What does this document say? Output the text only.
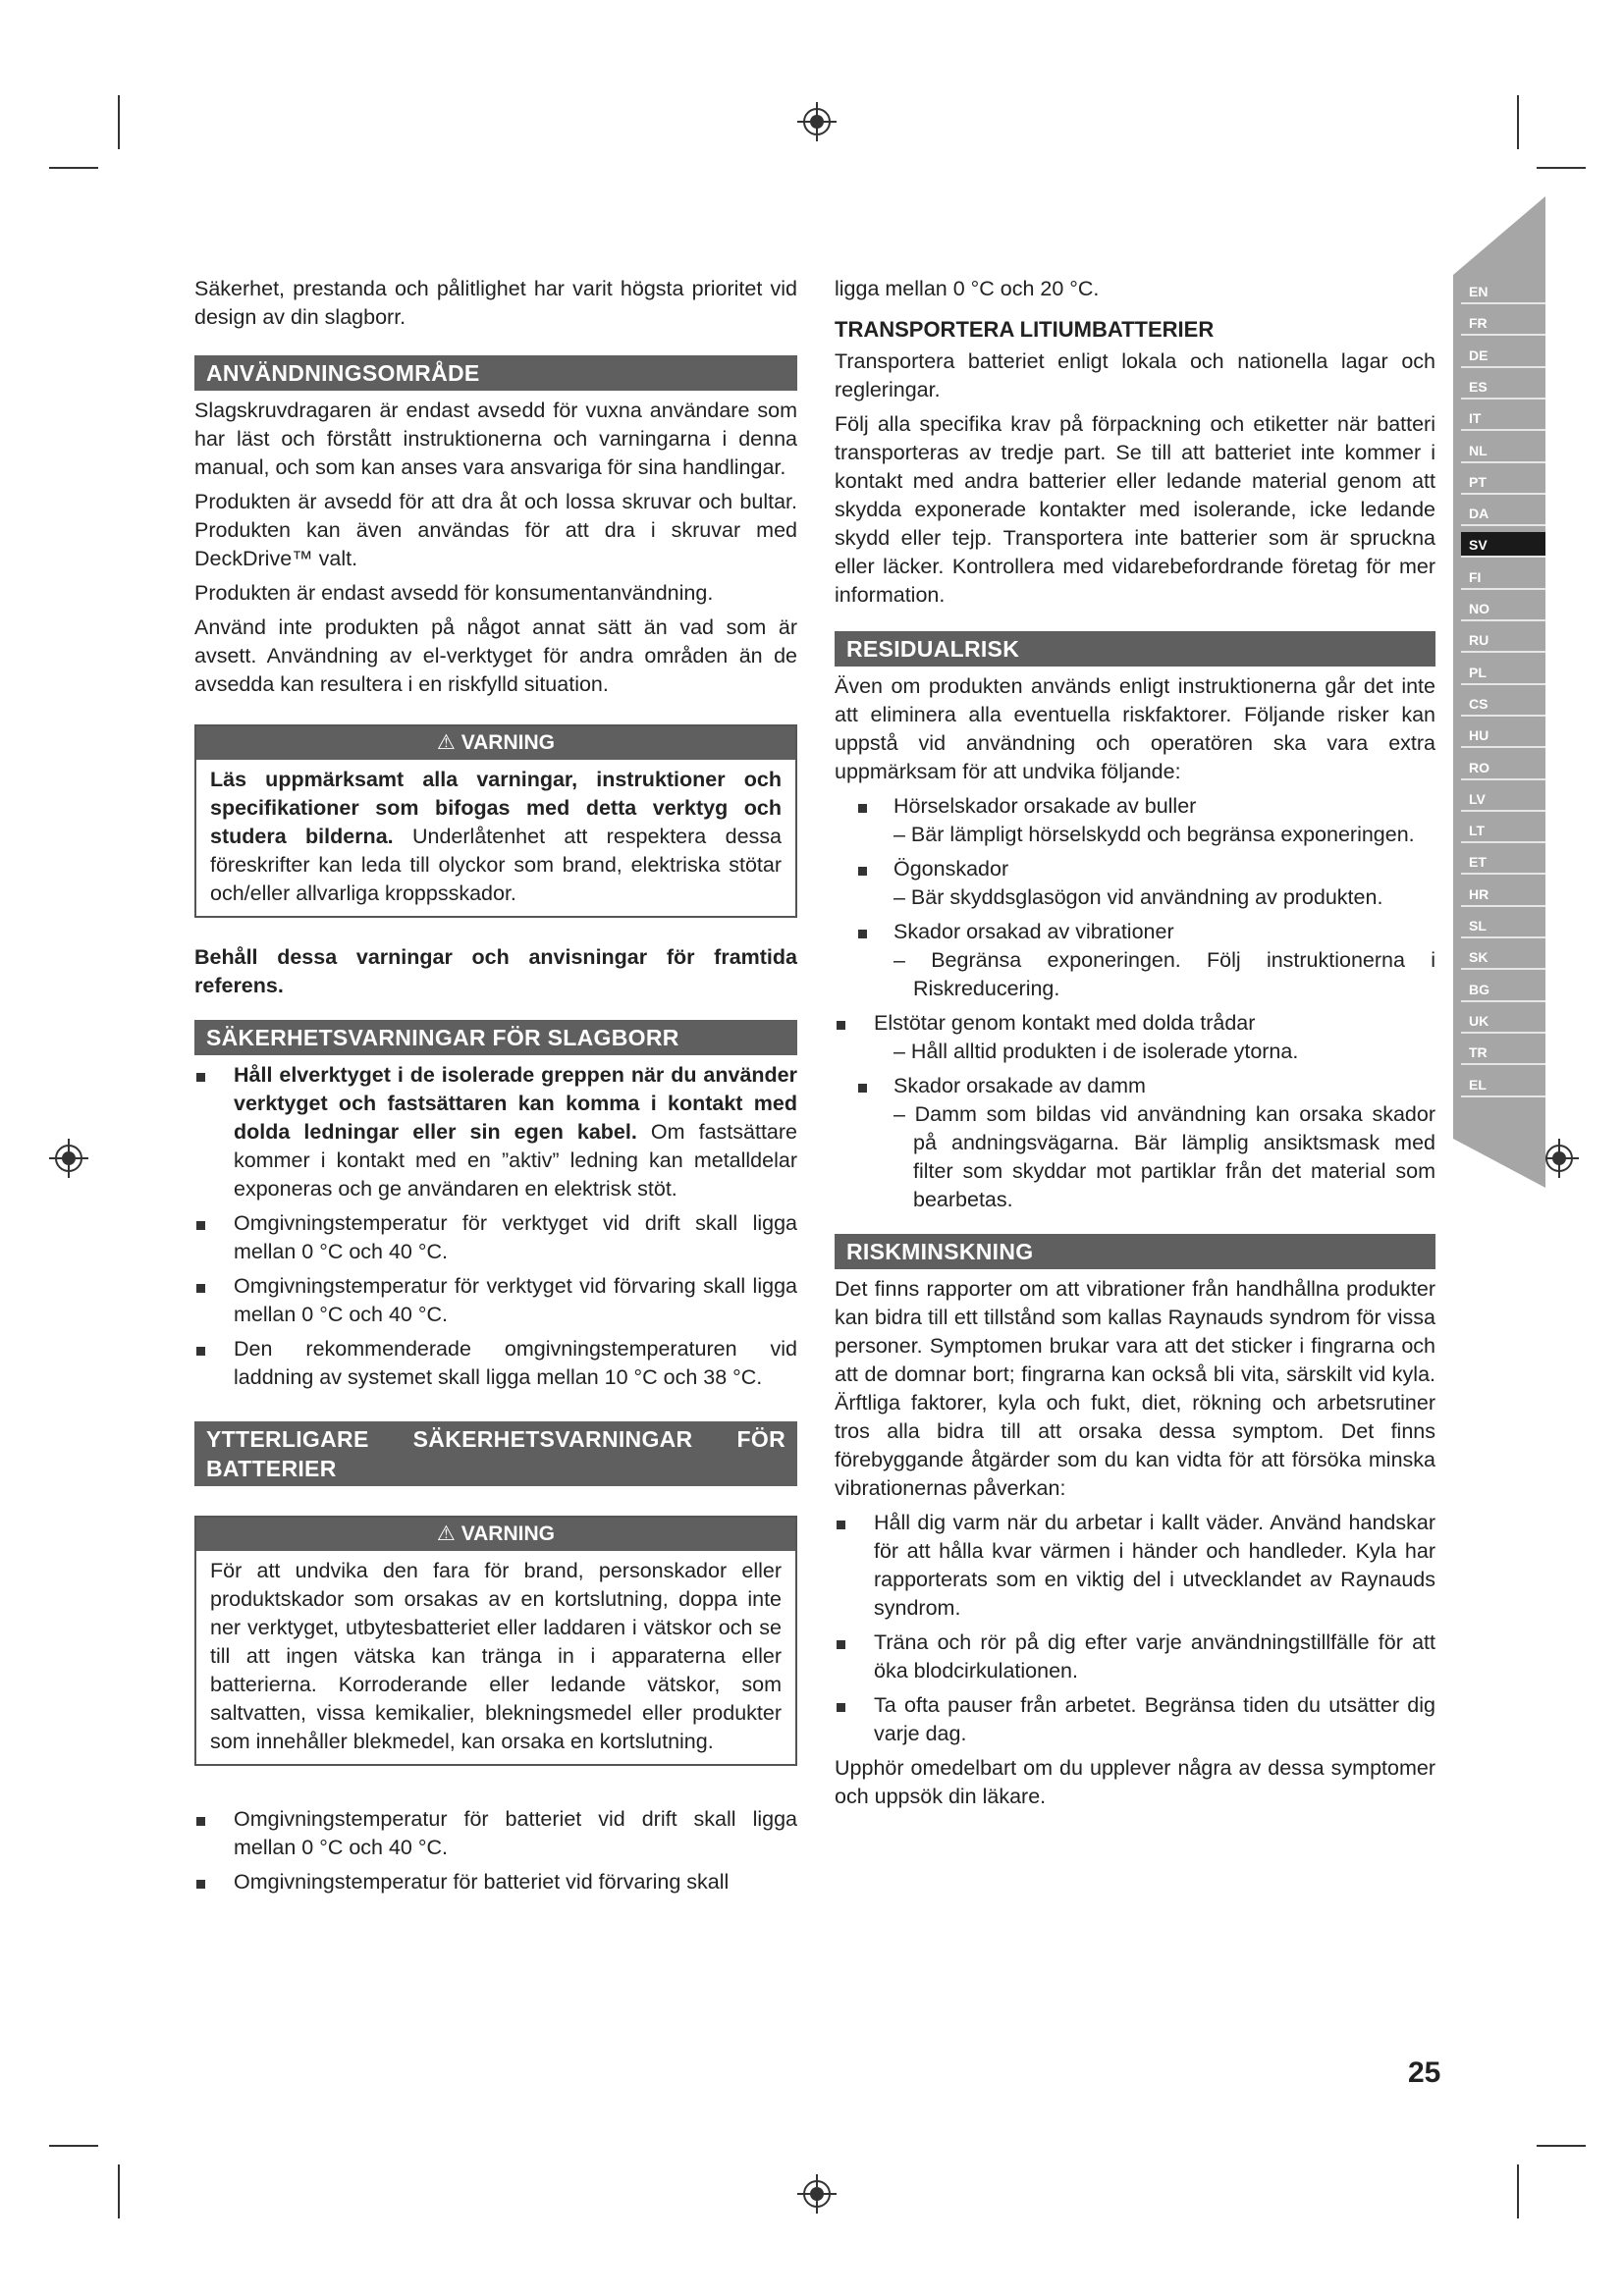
Säkerhet, prestanda och pålitlighet har varit högsta prioritet vid design av din slagborr.

ANVÄNDNINGSOMRÅDE

Slagskruvdragaren är endast avsedd för vuxna användare som har läst och förstått instruktionerna och varningarna i denna manual, och som kan anses vara ansvariga för sina handlingar.

Produkten är avsedd för att dra åt och lossa skruvar och bultar. Produkten kan även användas för att dra i skruvar med DeckDrive™ valt.

Produkten är endast avsedd för konsumentanvändning.

Använd inte produkten på något annat sätt än vad som är avsett. Användning av el-verktyget för andra områden än de avsedda kan resultera i en riskfylld situation.

⚠ VARNING
Läs uppmärksamt alla varningar, instruktioner och specifikationer som bifogas med detta verktyg och studera bilderna. Underlåtenhet att respektera dessa föreskrifter kan leda till olyckor som brand, elektriska stötar och/eller allvarliga kroppsskador.

Behåll dessa varningar och anvisningar för framtida referens.

SÄKERHETSVARNINGAR FÖR SLAGBORR
Håll elverktyget i de isolerade greppen när du använder verktyget och fastsättaren kan komma i kontakt med dolda ledningar eller sin egen kabel. Om fastsättare kommer i kontakt med en ”aktiv” ledning kan metalldelar exponeras och ge användaren en elektrisk stöt.
Omgivningstemperatur för verktyget vid drift skall ligga mellan 0 °C och 40 °C.
Omgivningstemperatur för verktyget vid förvaring skall ligga mellan 0 °C och 40 °C.
Den rekommenderade omgivningstemperaturen vid laddning av systemet skall ligga mellan 10 °C och 38 °C.
YTTERLIGARE SÄKERHETSVARNINGAR FÖR BATTERIER
⚠ VARNING
För att undvika den fara för brand, personskador eller produktskador som orsakas av en kortslutning, doppa inte ner verktyget, utbytesbatteriet eller laddaren i vätskor och se till att ingen vätska kan tränga in i apparaterna eller batterierna. Korroderande eller ledande vätskor, som saltvatten, vissa kemikalier, blekningsmedel eller produkter som innehåller blekmedel, kan orsaka en kortslutning.
Omgivningstemperatur för batteriet vid drift skall ligga mellan 0 °C och 40 °C.
Omgivningstemperatur för batteriet vid förvaring skall

ligga mellan 0 °C och 20 °C.

TRANSPORTERA LITIUMBATTERIER

Transportera batteriet enligt lokala och nationella lagar och regleringar.

Följ alla specifika krav på förpackning och etiketter när batteri transporteras av tredje part. Se till att batteriet inte kommer i kontakt med andra batterier eller ledande material genom att skydda exponerade kontakter med isolerande, icke ledande skydd eller tejp. Transportera inte batterier som är spruckna eller läcker. Kontrollera med vidarebefordrande företag för mer information.

RESIDUALRISK

Även om produkten används enligt instruktionerna går det inte att eliminera alla eventuella riskfaktorer. Följande risker kan uppstå vid användning och operatören ska vara extra uppmärksam för att undvika följande:

Hörselskador orsakade av buller
– Bär lämpligt hörselskydd och begränsa exponeringen.
Ögonskador
– Bär skyddsglasögon vid användning av produkten.
Skador orsakad av vibrationer
– Begränsa exponeringen. Följ instruktionerna i Riskreducering.
Elstötar genom kontakt med dolda trådar
– Håll alltid produkten i de isolerade ytorna.
Skador orsakade av damm
– Damm som bildas vid användning kan orsaka skador på andningsvägarna. Bär lämplig ansiktsmask med filter som skyddar mot partiklar från det material som bearbetas.
RISKMINSKNING

Det finns rapporter om att vibrationer från handhållna produkter kan bidra till ett tillstånd som kallas Raynauds syndrom för vissa personer. Symptomen brukar vara att det sticker i fingrarna och att de domnar bort; fingrarna kan också bli vita, särskilt vid kyla. Ärftliga faktorer, kyla och fukt, diet, rökning och arbetsrutiner tros alla bidra till att orsaka dessa symptom. Det finns förebyggande åtgärder som du kan vidta för att försöka minska vibrationernas påverkan:

Håll dig varm när du arbetar i kallt väder. Använd handskar för att hålla kvar värmen i händer och handleder. Kyla har rapporterats som en viktig del i utvecklandet av Raynauds syndrom.
Träna och rör på dig efter varje användningstillfälle för att öka blodcirkulationen.
Ta ofta pauser från arbetet. Begränsa tiden du utsätter dig varje dag.

Upphör omedelbart om du upplever några av dessa symptomer och uppsök din läkare.

EN
FR
DE
ES
IT
NL
PT
DA
SV
FI
NO
RU
PL
CS
HU
RO
LV
LT
ET
HR
SL
SK
BG
UK
TR
EL
25
